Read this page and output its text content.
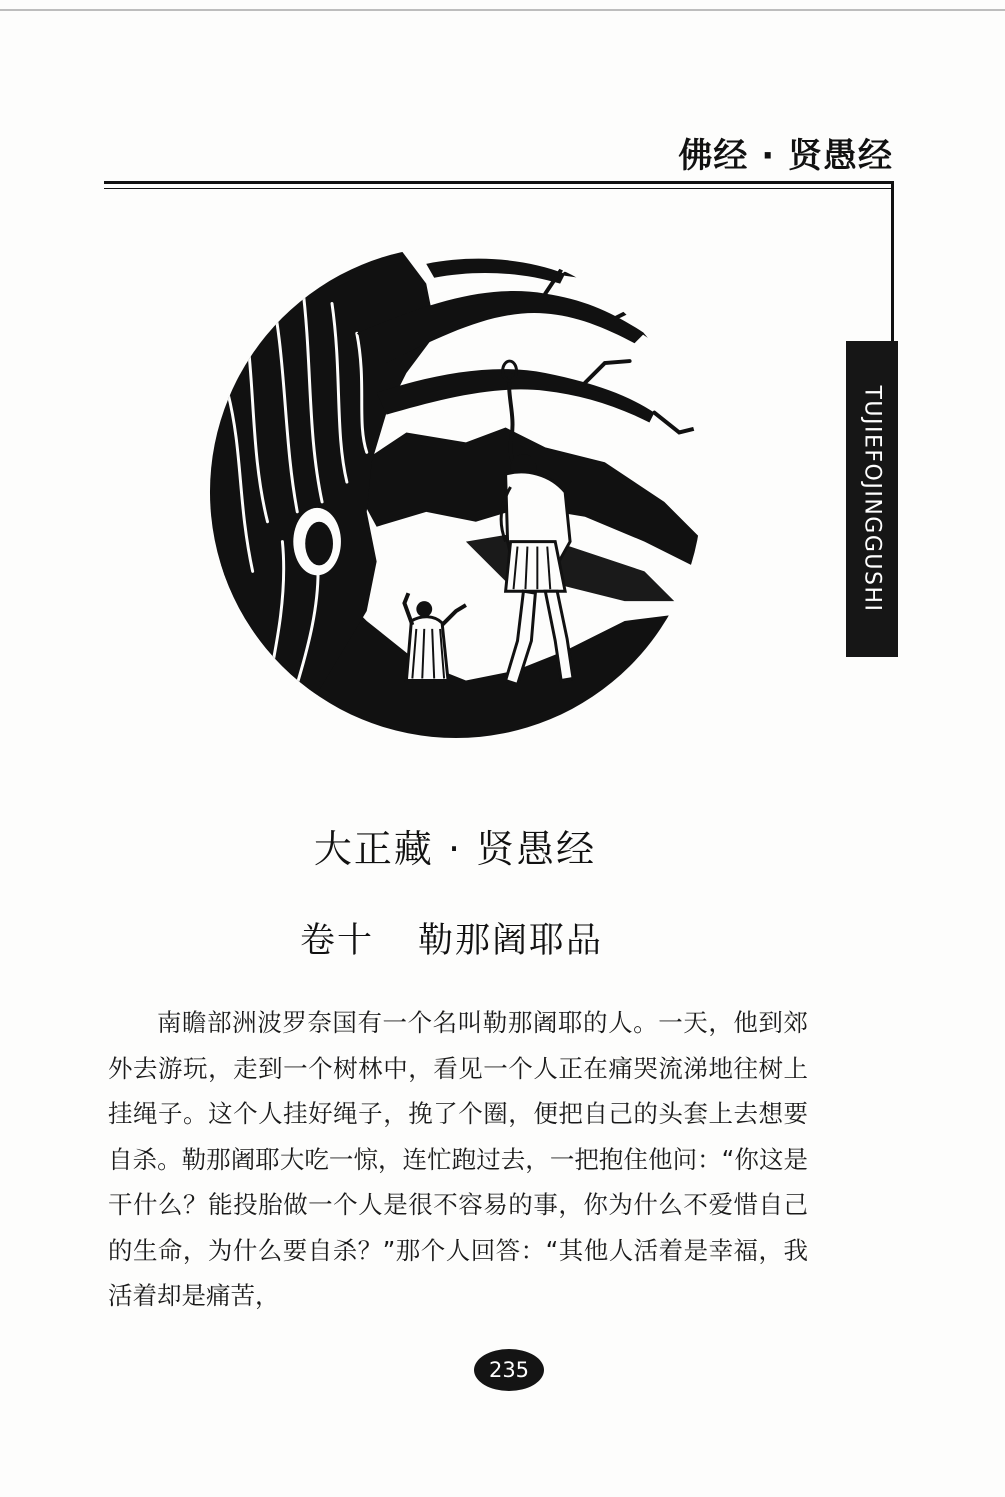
佛经 · 贤愚经
TUJIEFOJINGGUSHI
大正藏 · 贤愚经
卷十 勒那阇耶品

南瞻部洲波罗奈国有一个名叫勒那阇耶的人。一天，他到郊外去游玩，走到一个树林中，看见一个人正在痛哭流涕地往树上挂绳子。这个人挂好绳子，挽了个圈，便把自己的头套上去想要自杀。勒那阇耶大吃一惊，连忙跑过去，一把抱住他问：“你这是干什么？能投胎做一个人是很不容易的事，你为什么不爱惜自己的生命，为什么要自杀？”那个人回答：“其他人活着是幸福，我活着却是痛苦，

235
